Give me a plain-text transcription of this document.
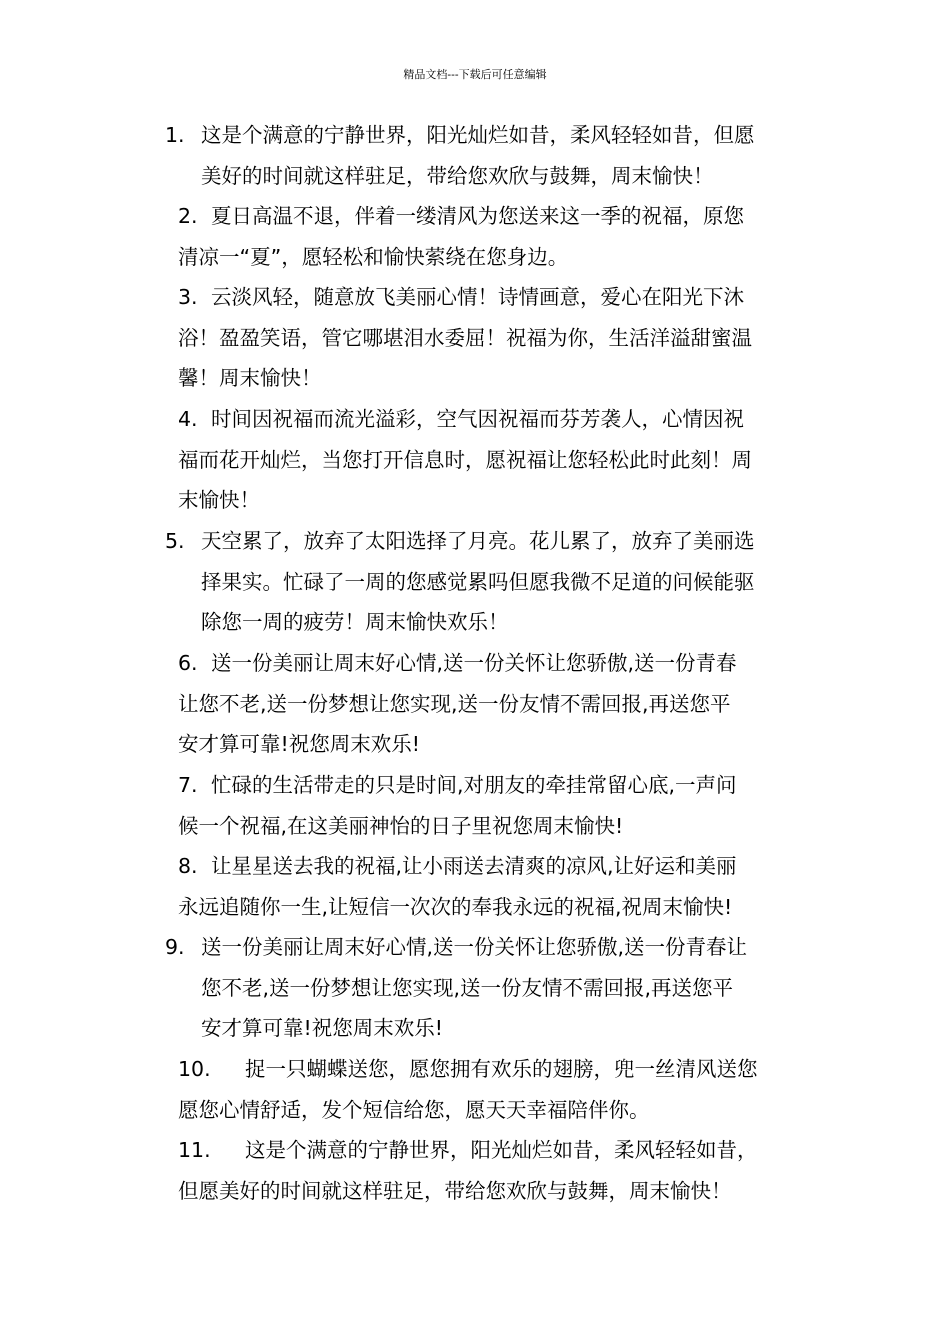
精品文档---下载后可任意编辑
1. 这是个满意的宁静世界，阳光灿烂如昔，柔风轻轻如昔，但愿
美好的时间就这样驻足，带给您欢欣与鼓舞，周末愉快！
2. 夏日高温不退，伴着一缕清风为您送来这一季的祝福，原您
清凉一“夏”，愿轻松和愉快萦绕在您身边。
3. 云淡风轻，随意放飞美丽心情！诗情画意，爱心在阳光下沐
浴！盈盈笑语，管它哪堪泪水委屈！祝福为你，生活洋溢甜蜜温
馨！周末愉快！
4. 时间因祝福而流光溢彩，空气因祝福而芬芳袭人，心情因祝
福而花开灿烂，当您打开信息时，愿祝福让您轻松此时此刻！周
末愉快！
5. 天空累了，放弃了太阳选择了月亮。花儿累了，放弃了美丽选
择果实。忙碌了一周的您感觉累吗但愿我微不足道的问候能驱
除您一周的疲劳！周末愉快欢乐！
6. 送一份美丽让周末好心情,送一份关怀让您骄傲,送一份青春
让您不老,送一份梦想让您实现,送一份友情不需回报,再送您平
安才算可靠!祝您周末欢乐!
7. 忙碌的生活带走的只是时间,对朋友的牵挂常留心底,一声问
候一个祝福,在这美丽神怡的日子里祝您周末愉快!
8. 让星星送去我的祝福,让小雨送去清爽的凉风,让好运和美丽
永远追随你一生,让短信一次次的奉我永远的祝福,祝周末愉快!
9. 送一份美丽让周末好心情,送一份关怀让您骄傲,送一份青春让
您不老,送一份梦想让您实现,送一份友情不需回报,再送您平
安才算可靠!祝您周末欢乐!
10. 捉一只蝴蝶送您，愿您拥有欢乐的翅膀，兜一丝清风送您
愿您心情舒适，发个短信给您，愿天天幸福陪伴你。
11. 这是个满意的宁静世界，阳光灿烂如昔，柔风轻轻如昔，
但愿美好的时间就这样驻足，带给您欢欣与鼓舞，周末愉快！
